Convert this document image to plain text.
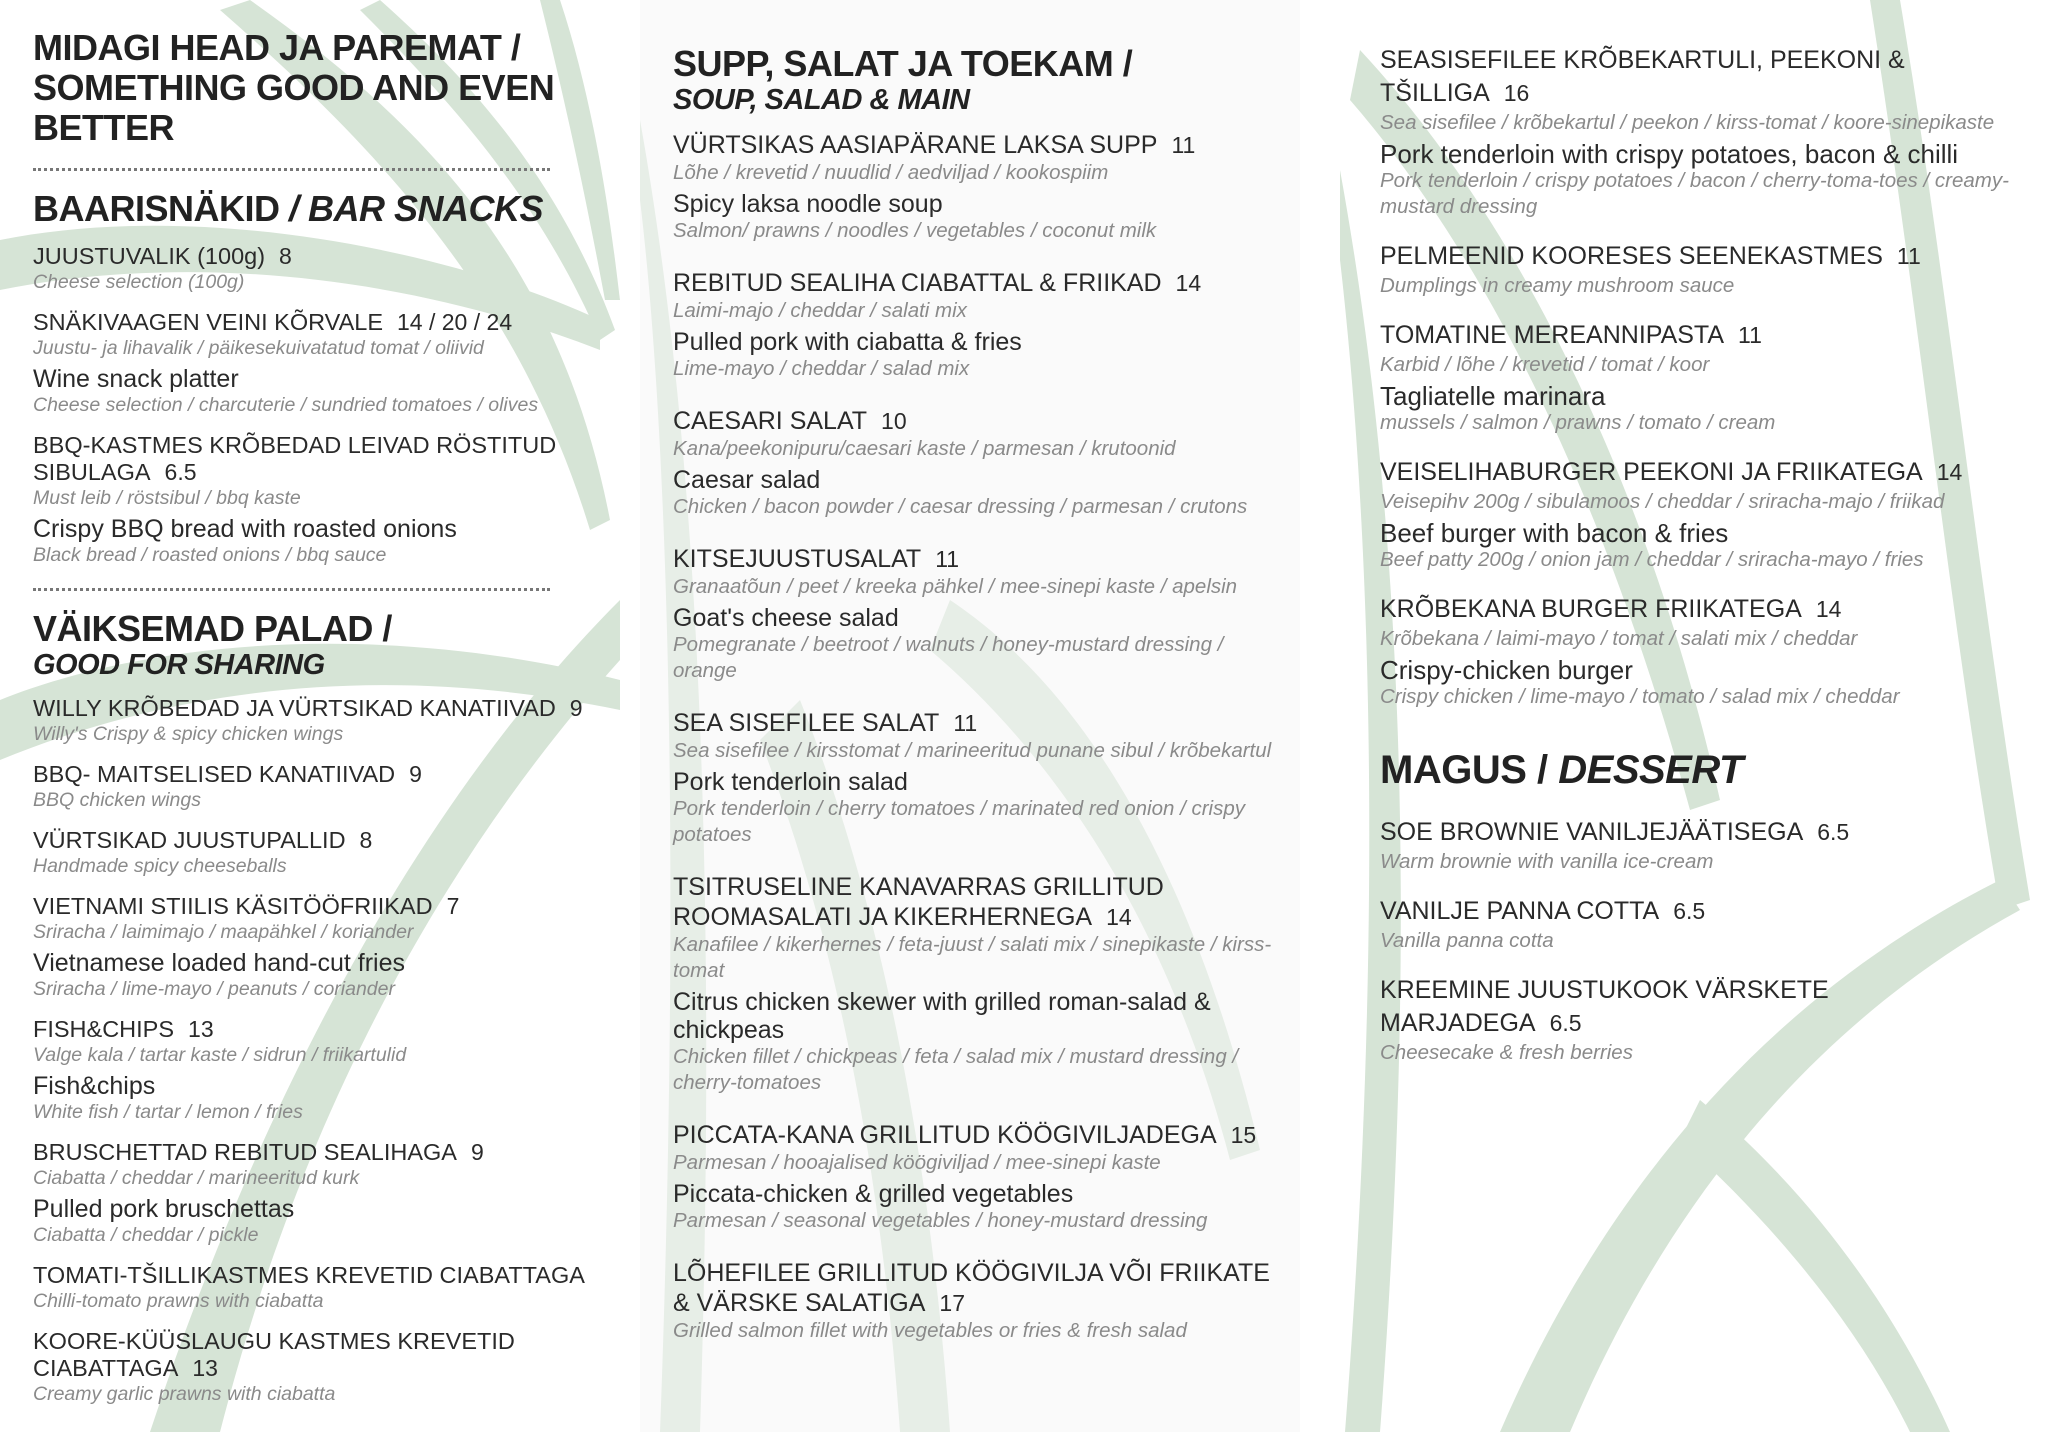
MIDAGI HEAD JA PAREMAT / SOMETHING GOOD AND EVEN BETTER
BAARISNÄKID / BAR SNACKS
JUUSTUVALIK (100g) 8
Cheese selection (100g)
SNÄKIVAAGEN VEINI KÕRVALE 14 / 20 / 24
Juustu- ja lihavalik / päikesekuivatatud tomat / oliivid
Wine snack platter
Cheese selection / charcuterie / sundried tomatoes / olives
BBQ-KASTMES KRÕBEDAD LEIVAD RÖSTITUD SIBULAGA 6.5
Must leib / röstsibul / bbq kaste
Crispy BBQ bread with roasted onions
Black bread / roasted onions / bbq sauce
VÄIKSEMAD PALAD /
GOOD FOR SHARING
WILLY KRÕBEDAD JA VÜRTSIKAD KANATIIVAD 9
Willy's Crispy & spicy chicken wings
BBQ- MAITSELISED KANATIIVAD 9
BBQ chicken wings
VÜRTSIKAD JUUSTUPALLID 8
Handmade spicy cheeseballs
VIETNAMI STIILIS KÄSITÖÖFRIIKAD 7
Sriracha / laimimajo / maapähkel / koriander
Vietnamese loaded hand-cut fries
Sriracha / lime-mayo / peanuts / coriander
FISH&CHIPS 13
Valge kala / tartar kaste / sidrun / friikartulid
Fish&chips
White fish / tartar / lemon / fries
BRUSCHETTAD REBITUD SEALIHAGA 9
Ciabatta / cheddar / marineeritud kurk
Pulled pork bruschettas
Ciabatta / cheddar / pickle
TOMATI-TŠILLIKASTMES KREVETID CIABATTAGA
Chilli-tomato prawns with ciabatta
KOORE-KÜÜSLAUGU KASTMES KREVETID CIABATTAGA 13
Creamy garlic prawns with ciabatta
SUPP, SALAT JA TOEKAM /
SOUP, SALAD & MAIN
VÜRTSIKAS AASIAPÄRANE LAKSA SUPP 11
Lõhe / krevetid / nuudlid / aedviljad / kookospiim
Spicy laksa noodle soup
Salmon/ prawns / noodles / vegetables / coconut milk
REBITUD SEALIHA CIABATTAL & FRIIKAD 14
Laimi-majo / cheddar / salati mix
Pulled pork with ciabatta & fries
Lime-mayo / cheddar / salad mix
CAESARI SALAT 10
Kana/peekonipuru/caesari kaste / parmesan / krutoonid
Caesar salad
Chicken / bacon powder / caesar dressing / parmesan / crutons
KITSEJUUSTUSALAT 11
Granaatõun / peet / kreeka pähkel / mee-sinepi kaste / apelsin
Goat's cheese salad
Pomegranate / beetroot / walnuts / honey-mustard dressing / orange
SEA SISEFILEE SALAT 11
Sea sisefilee / kirsstomat / marineeritud punane sibul / krõbekartul
Pork tenderloin salad
Pork tenderloin / cherry tomatoes / marinated red onion / crispy potatoes
TSITRUSELINE KANAVARRAS GRILLITUD ROOMASALATI JA KIKERHERNEGA 14
Kanafilee / kikerhernes / feta-juust / salati mix / sinepikaste / kirss-tomat
Citrus chicken skewer with grilled roman-salad & chickpeas
Chicken fillet / chickpeas / feta / salad mix / mustard dressing / cherry-tomatoes
PICCATA-KANA GRILLITUD KÖÖGIVILJADEGA 15
Parmesan / hooajalised köögiviljad / mee-sinepi kaste
Piccata-chicken & grilled vegetables
Parmesan / seasonal vegetables / honey-mustard dressing
LÕHEFILEE GRILLITUD KÖÖGIVILJA VÕI FRIIKATE & VÄRSKE SALATIGA 17
Grilled salmon fillet with vegetables or fries & fresh salad
SEASISEFILEE KRÕBEKARTULI, PEEKONI & TŠILLIGA 16
Sea sisefilee / krõbekartul / peekon / kirss-tomat / koore-sinepikaste
Pork tenderloin with crispy potatoes, bacon & chilli
Pork tenderloin / crispy potatoes / bacon / cherry-toma-toes / creamy-mustard dressing
PELMEENID KOORESES SEENEKASTMES 11
Dumplings in creamy mushroom sauce
TOMATINE MEREANNIPASTA 11
Karbid / lõhe / krevetid / tomat / koor
Tagliatelle marinara
mussels / salmon / prawns / tomato / cream
VEISELIHABURGER PEEKONI JA FRIIKATEGA 14
Veisepihv 200g / sibulamoos / cheddar / sriracha-majo / friikad
Beef burger with bacon & fries
Beef patty 200g / onion jam / cheddar / sriracha-mayo / fries
KRÕBEKANA BURGER FRIIKATEGA 14
Krõbekana / laimi-mayo / tomat / salati mix / cheddar
Crispy-chicken burger
Crispy chicken / lime-mayo / tomato / salad mix / cheddar
MAGUS / DESSERT
SOE BROWNIE VANILJEJÄÄTISEGA 6.5
Warm brownie with vanilla ice-cream
VANILJE PANNA COTTA 6.5
Vanilla panna cotta
KREEMINE JUUSTUKOOK VÄRSKETE MARJADEGA 6.5
Cheesecake & fresh berries
